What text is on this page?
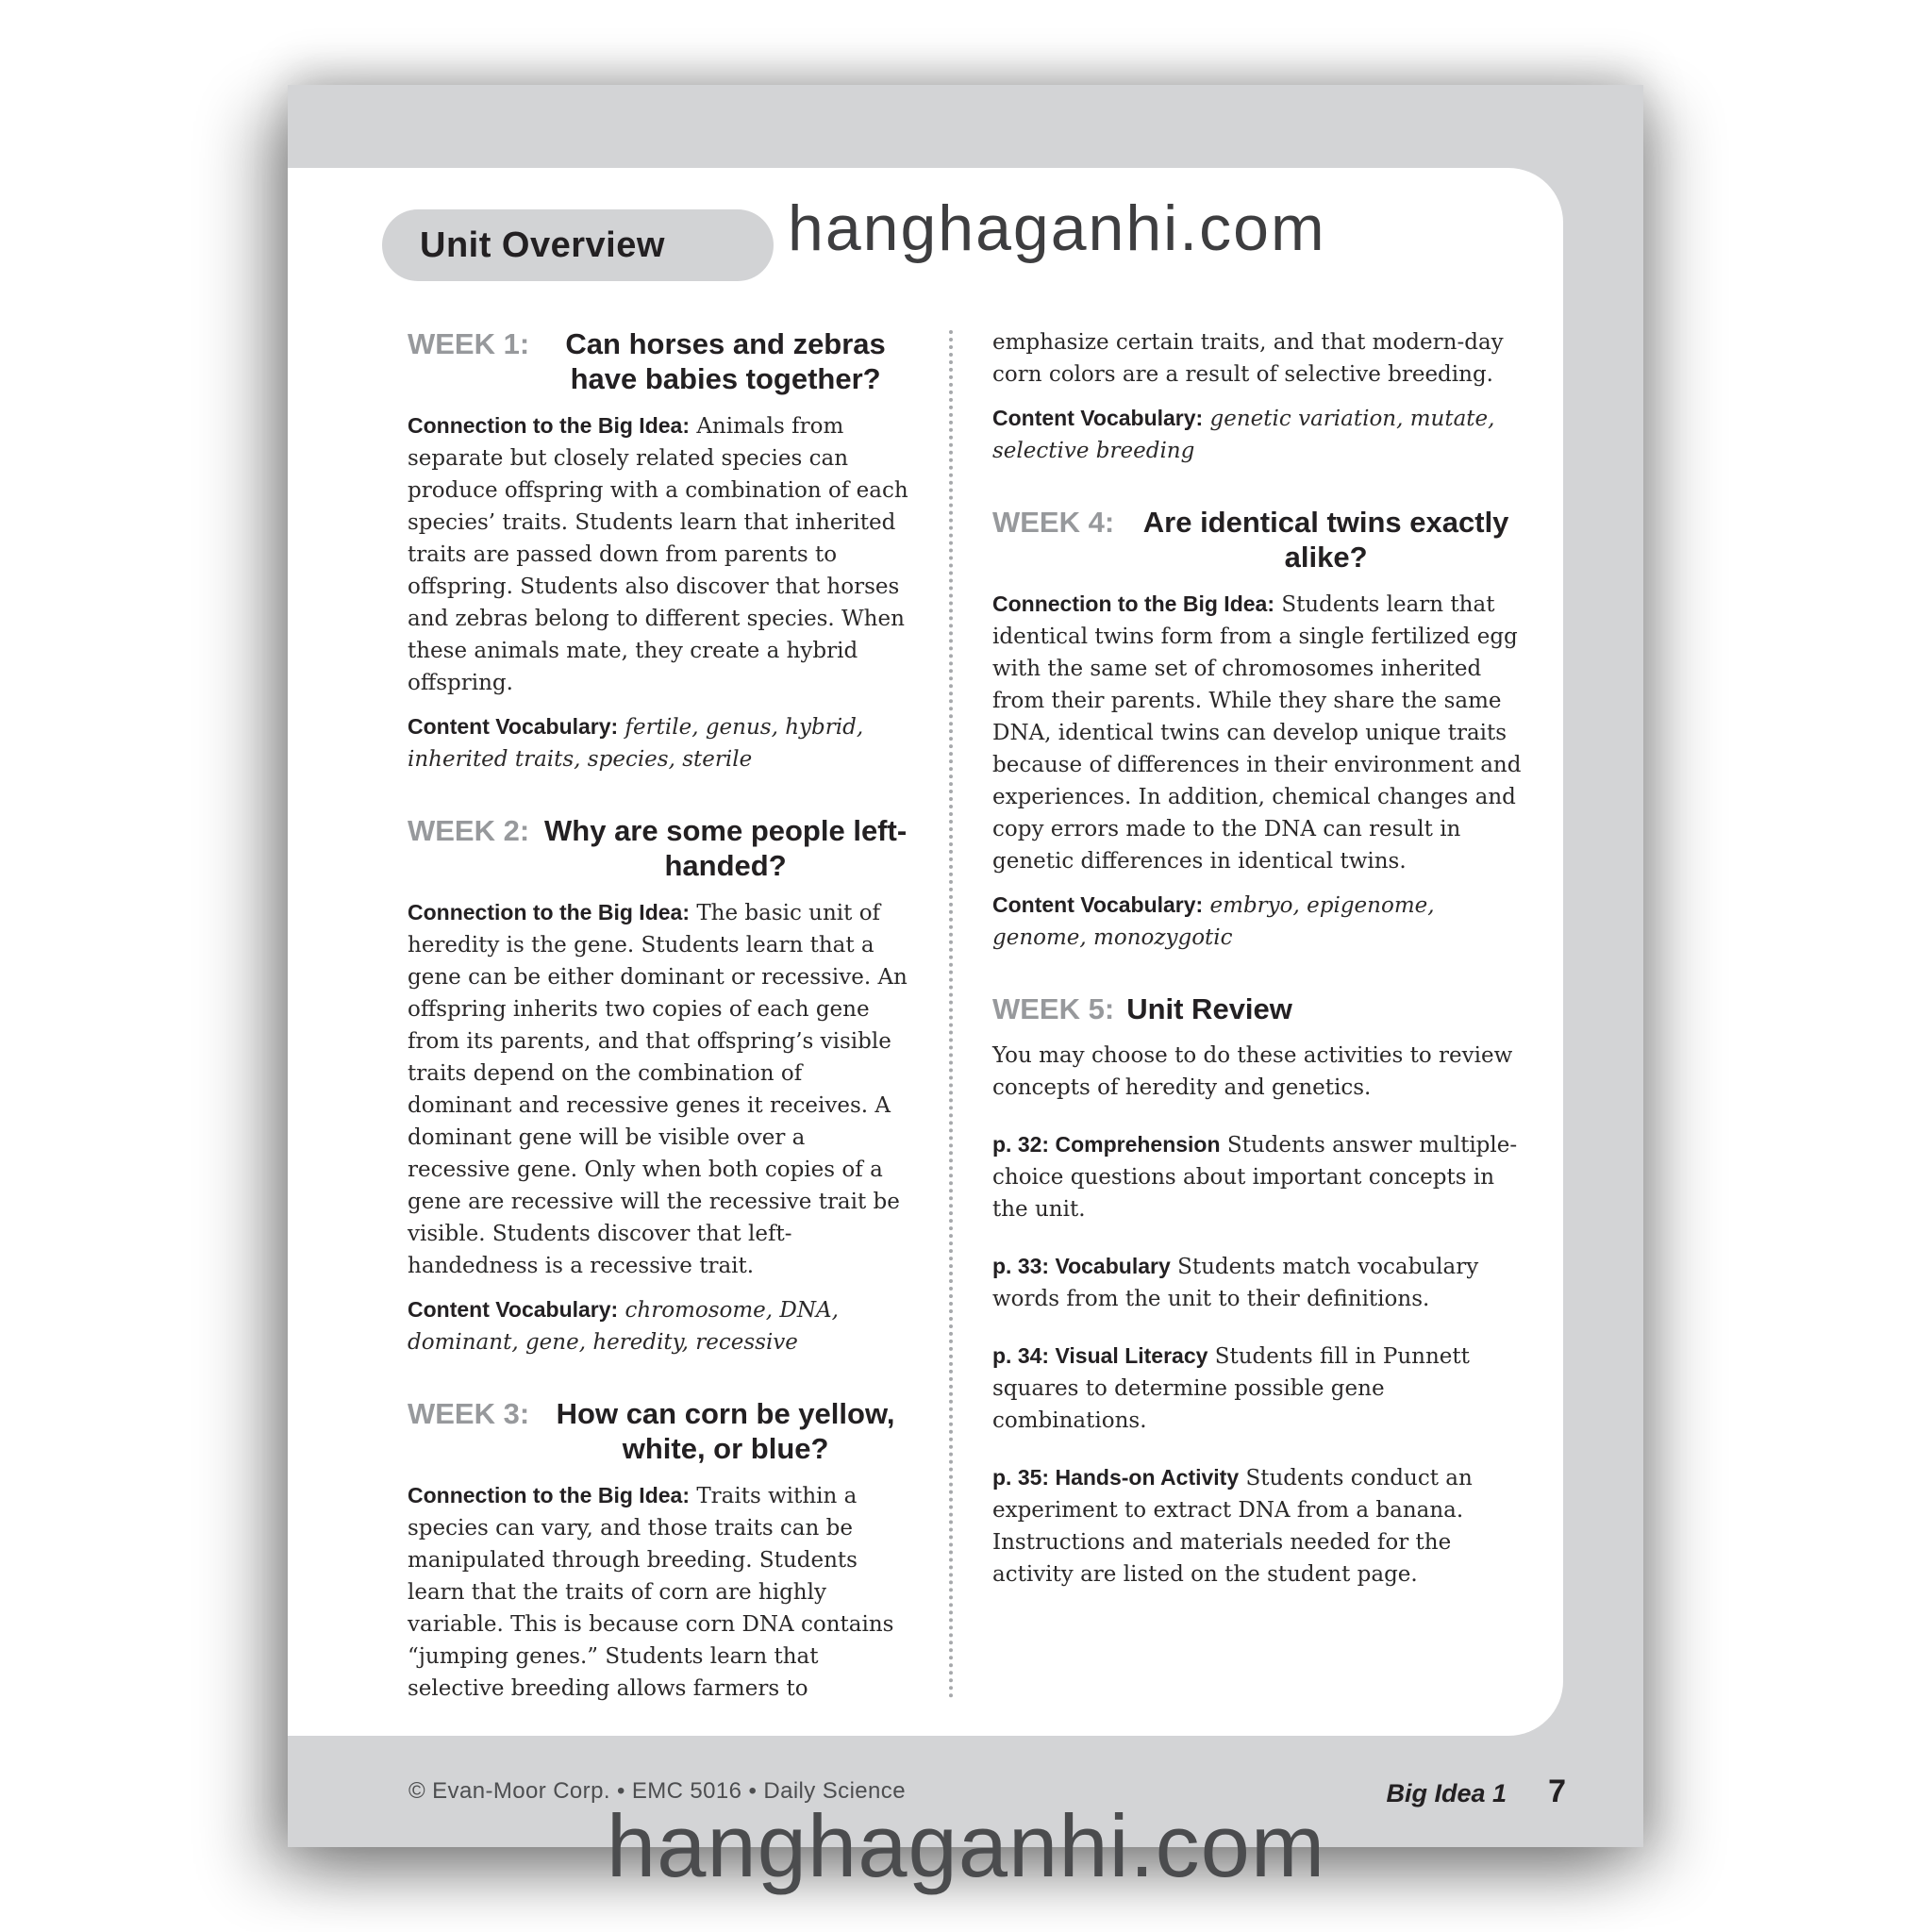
Unit Overview hanghaganhi.com
WEEK 1:	Can horses and zebras have babies together?

Connection to the Big Idea: Animals from separate but closely related species can produce offspring with a combination of each species’ traits. Students learn that inherited traits are passed down from parents to offspring. Students also discover that horses and zebras belong to different species. When these animals mate, they create a hybrid offspring.

Content Vocabulary: fertile, genus, hybrid, inherited traits, species, sterile

WEEK 2: Why are some people left-handed?

Connection to the Big Idea: The basic unit of heredity is the gene. Students learn that a gene can be either dominant or recessive. An offspring inherits two copies of each gene from its parents, and that offspring’s visible traits depend on the combination of dominant and recessive genes it receives. A dominant gene will be visible over a recessive gene. Only when both copies of a gene are recessive will the recessive trait be visible. Students discover that left-handedness is a recessive trait.

Content Vocabulary: chromosome, DNA, dominant, gene, heredity, recessive

WEEK 3: How can corn be yellow, white, or blue?

Connection to the Big Idea: Traits within a species can vary, and those traits can be manipulated through breeding. Students learn that the traits of corn are highly variable. This is because corn DNA contains “jumping genes.” Students learn that selective breeding allows farmers to

emphasize certain traits, and that modern-day corn colors are a result of selective breeding.

Content Vocabulary: genetic variation, mutate, selective breeding

WEEK 4: Are identical twins exactly alike?

Connection to the Big Idea: Students learn that identical twins form from a single fertilized egg with the same set of chromosomes inherited from their parents. While they share the same DNA, identical twins can develop unique traits because of differences in their environment and experiences. In addition, chemical changes and copy errors made to the DNA can result in genetic differences in identical twins.

Content Vocabulary: embryo, epigenome, genome, monozygotic

WEEK 5: Unit Review

You may choose to do these activities to review concepts of heredity and genetics.

p. 32: Comprehension Students answer multiple-choice questions about important concepts in the unit.

p. 33: Vocabulary Students match vocabulary words from the unit to their definitions.

p. 34: Visual Literacy Students fill in Punnett squares to determine possible gene combinations.

p. 35: Hands-on Activity Students conduct an experiment to extract DNA from a banana. Instructions and materials needed for the activity are listed on the student page.

© Evan-Moor Corp. • EMC 5016 • Daily Science	Big Idea 1 7
hanghaganhi.com
